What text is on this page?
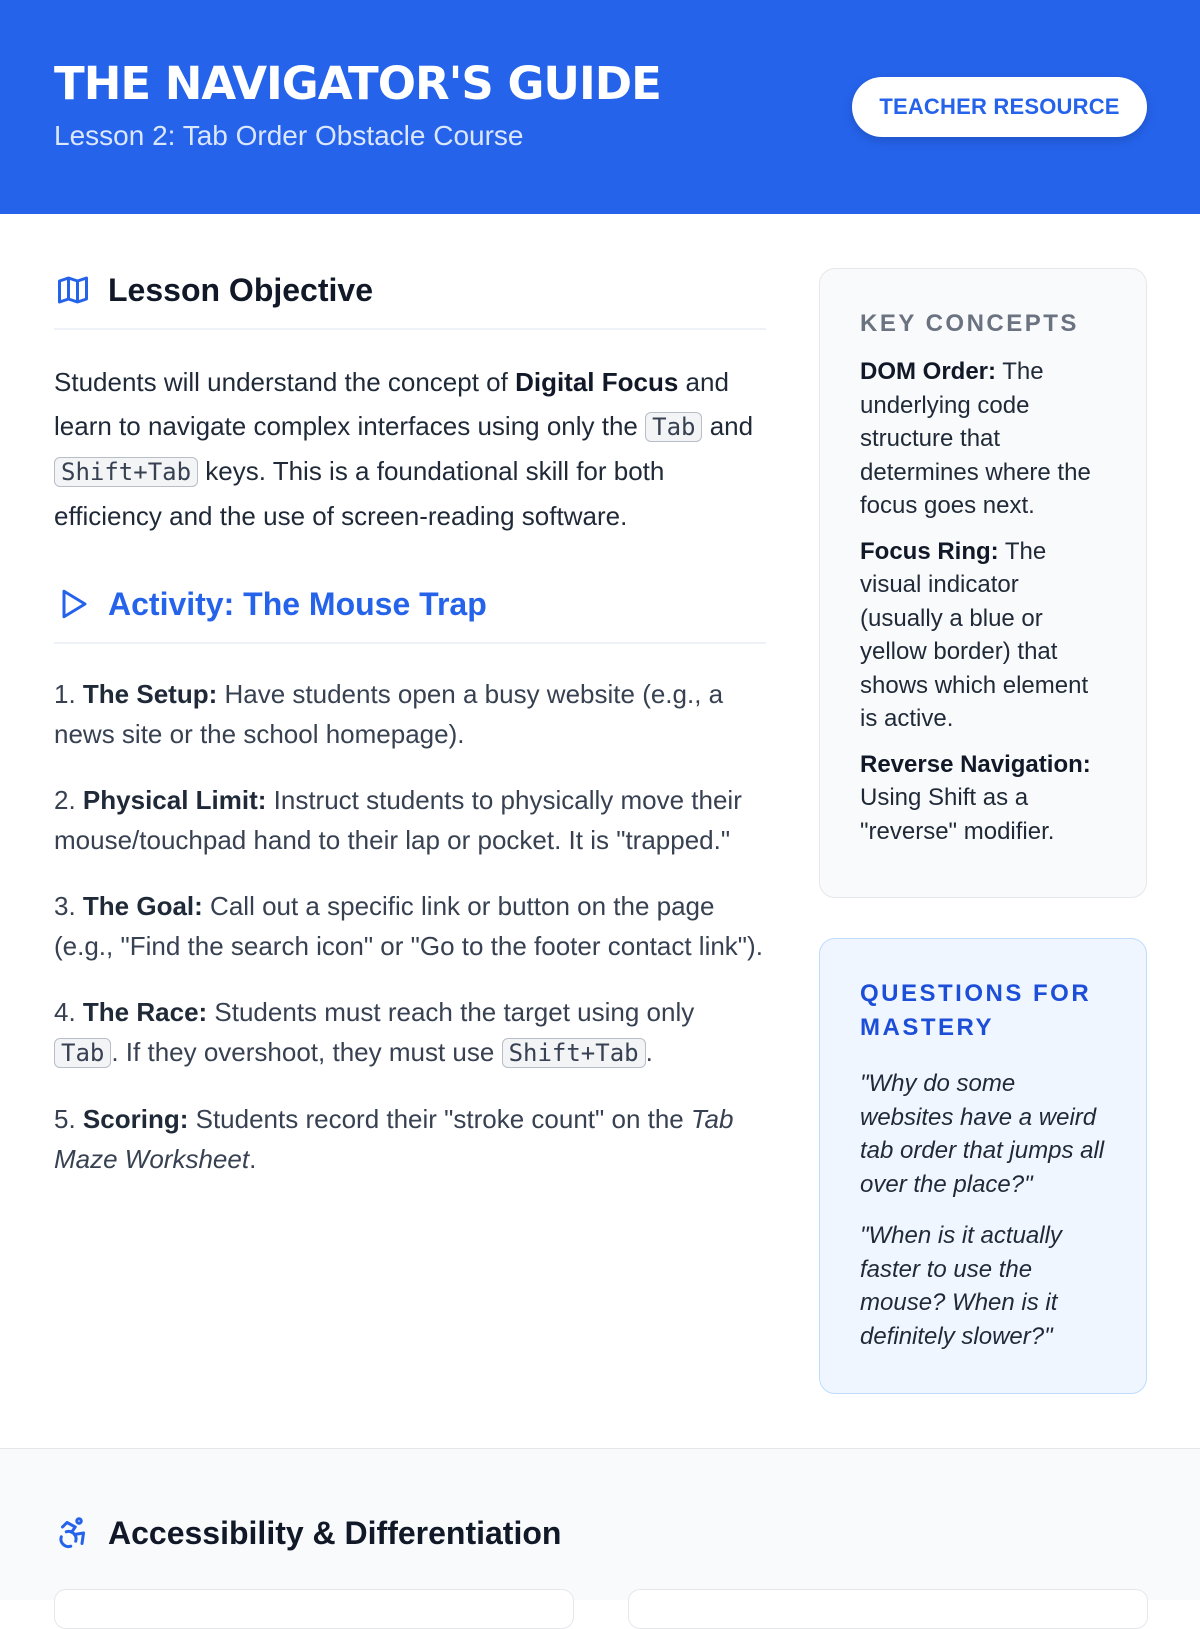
THE NAVIGATOR'S GUIDE
Lesson 2: Tab Order Obstacle Course
TEACHER RESOURCE
Lesson Objective

Students will understand the concept of Digital Focus and learn to navigate complex interfaces using only the Tab and Shift+Tab keys. This is a foundational skill for both efficiency and the use of screen-reading software.

Activity: The Mouse Trap

1. The Setup: Have students open a busy website (e.g., a news site or the school homepage).

2. Physical Limit: Instruct students to physically move their mouse/touchpad hand to their lap or pocket. It is "trapped."

3. The Goal: Call out a specific link or button on the page (e.g., "Find the search icon" or "Go to the footer contact link").

4. The Race: Students must reach the target using only Tab . If they overshoot, they must use Shift+Tab .

5. Scoring: Students record their "stroke count" on the Tab Maze Worksheet.

KEY CONCEPTS

DOM Order: The underlying code structure that determines where the focus goes next.

Focus Ring: The visual indicator (usually a blue or yellow border) that shows which element is active.

Reverse Navigation: Using Shift as a "reverse" modifier.

QUESTIONS FOR MASTERY

"Why do some websites have a weird tab order that jumps all over the place?"

"When is it actually faster to use the mouse? When is it definitely slower?"

Accessibility & Differentiation
